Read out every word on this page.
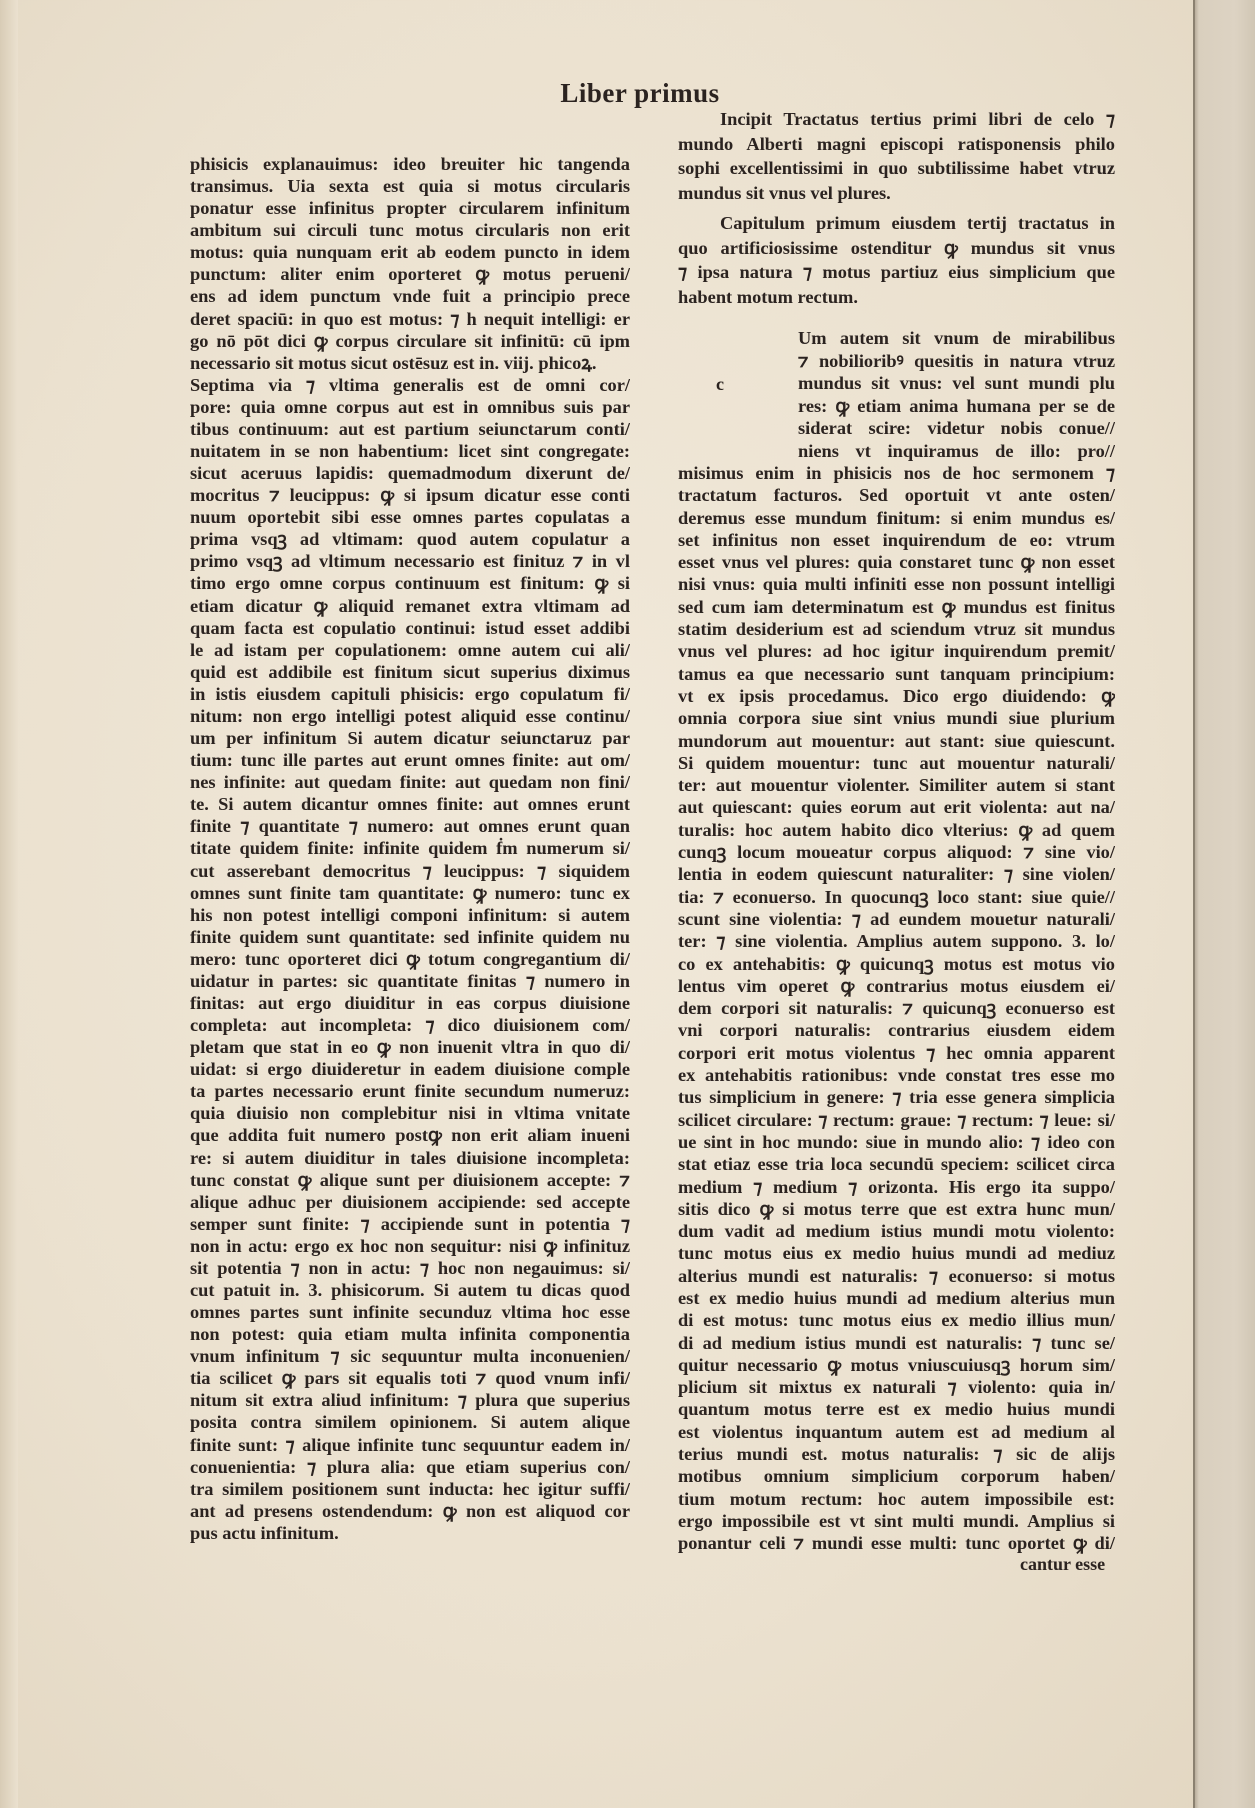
Liber primus
phisicis explanauimus: ideo breuiter hic tangenda
transimus. Uia sexta est quia si motus circularis
ponatur esse infinitus propter circularem infinitum
ambitum sui circuli tunc motus circularis non erit
motus: quia nunquam erit ab eodem puncto in idem
punctum: aliter enim oporteret ꝙ motus perueni/
ens ad idem punctum vnde fuit a principio prece
deret spaciū: in quo est motus: ⁊ h nequit intelligi: er
go nō pōt dici ꝙ corpus circulare sit infinitū: cū ipm
necessario sit motus sicut ostēsuz est in. viij. phicoꝝ.
Septima via ⁊ vltima generalis est de omni cor/
pore: quia omne corpus aut est in omnibus suis par
tibus continuum: aut est partium seiunctarum conti/
nuitatem in se non habentium: licet sint congregate:
sicut aceruus lapidis: quemadmodum dixerunt de/
mocritus ⁊ leucippus: ꝙ si ipsum dicatur esse conti
nuum oportebit sibi esse omnes partes copulatas a
prima vsqꝫ ad vltimam: quod autem copulatur a
primo vsqꝫ ad vltimum necessario est finituz ⁊ in vl
timo ergo omne corpus continuum est finitum: ꝙ si
etiam dicatur ꝙ aliquid remanet extra vltimam ad
quam facta est copulatio continui: istud esset addibi
le ad istam per copulationem: omne autem cui ali/
quid est addibile est finitum sicut superius diximus
in istis eiusdem capituli phisicis: ergo copulatum fi/
nitum: non ergo intelligi potest aliquid esse continu/
um per infinitum Si autem dicatur seiunctaruz par
tium: tunc ille partes aut erunt omnes finite: aut om/
nes infinite: aut quedam finite: aut quedam non fini/
te. Si autem dicantur omnes finite: aut omnes erunt
finite ⁊ quantitate ⁊ numero: aut omnes erunt quan
titate quidem finite: infinite quidem ḟm numerum si/
cut asserebant democritus ⁊ leucippus: ⁊ siquidem
omnes sunt finite tam quantitate: ꝙ numero: tunc ex
his non potest intelligi componi infinitum: si autem
finite quidem sunt quantitate: sed infinite quidem nu
mero: tunc oporteret dici ꝙ totum congregantium di/
uidatur in partes: sic quantitate finitas ⁊ numero in
finitas: aut ergo diuiditur in eas corpus diuisione
completa: aut incompleta: ⁊ dico diuisionem com/
pletam que stat in eo ꝙ non inuenit vltra in quo di/
uidat: si ergo diuideretur in eadem diuisione comple
ta partes necessario erunt finite secundum numeruz:
quia diuisio non complebitur nisi in vltima vnitate
que addita fuit numero postꝙ non erit aliam inueni
re: si autem diuiditur in tales diuisione incompleta:
tunc constat ꝙ alique sunt per diuisionem accepte: ⁊
alique adhuc per diuisionem accipiende: sed accepte
semper sunt finite: ⁊ accipiende sunt in potentia ⁊
non in actu: ergo ex hoc non sequitur: nisi ꝙ infinituz
sit potentia ⁊ non in actu: ⁊ hoc non negauimus: si/
cut patuit in. 3. phisicorum. Si autem tu dicas quod
omnes partes sunt infinite secunduz vltima hoc esse
non potest: quia etiam multa infinita componentia
vnum infinitum ⁊ sic sequuntur multa inconuenien/
tia scilicet ꝙ pars sit equalis toti ⁊ quod vnum infi/
nitum sit extra aliud infinitum: ⁊ plura que superius
posita contra similem opinionem. Si autem alique
finite sunt: ⁊ alique infinite tunc sequuntur eadem in/
conuenientia: ⁊ plura alia: que etiam superius con/
tra similem positionem sunt inducta: hec igitur suffi/
ant ad presens ostendendum: ꝙ non est aliquod cor
pus actu infinitum.
Incipit Tractatus tertius primi libri de celo ⁊
mundo Alberti magni episcopi ratisponensis philo
sophi excellentissimi in quo subtilissime habet vtruz
mundus sit vnus vel plures.
Capitulum primum eiusdem tertij tractatus in
quo artificiosissime ostenditur ꝙ mundus sit vnus
⁊ ipsa natura ⁊ motus partiuz eius simplicium que
habent motum rectum.
c
Um autem sit vnum de mirabilibus
⁊ nobilioribꝰ quesitis in natura vtruz
mundus sit vnus: vel sunt mundi plu
res: ꝙ etiam anima humana per se de
siderat scire: videtur nobis conue//
niens vt inquiramus de illo: pro//
misimus enim in phisicis nos de hoc sermonem ⁊
tractatum facturos. Sed oportuit vt ante osten/
deremus esse mundum finitum: si enim mundus es/
set infinitus non esset inquirendum de eo: vtrum
esset vnus vel plures: quia constaret tunc ꝙ non esset
nisi vnus: quia multi infiniti esse non possunt intelligi
sed cum iam determinatum est ꝙ mundus est finitus
statim desiderium est ad sciendum vtruz sit mundus
vnus vel plures: ad hoc igitur inquirendum premit/
tamus ea que necessario sunt tanquam principium:
vt ex ipsis procedamus. Dico ergo diuidendo: ꝙ
omnia corpora siue sint vnius mundi siue plurium
mundorum aut mouentur: aut stant: siue quiescunt.
Si quidem mouentur: tunc aut mouentur naturali/
ter: aut mouentur violenter. Similiter autem si stant
aut quiescant: quies eorum aut erit violenta: aut na/
turalis: hoc autem habito dico vlterius: ꝙ ad quem
cunqꝫ locum moueatur corpus aliquod: ⁊ sine vio/
lentia in eodem quiescunt naturaliter: ⁊ sine violen/
tia: ⁊ econuerso. In quocunqꝫ loco stant: siue quie//
scunt sine violentia: ⁊ ad eundem mouetur naturali/
ter: ⁊ sine violentia. Amplius autem suppono. 3. lo/
co ex antehabitis: ꝙ quicunqꝫ motus est motus vio
lentus vim operet ꝙ contrarius motus eiusdem ei/
dem corpori sit naturalis: ⁊ quicunqꝫ econuerso est
vni corpori naturalis: contrarius eiusdem eidem
corpori erit motus violentus ⁊ hec omnia apparent
ex antehabitis rationibus: vnde constat tres esse mo
tus simplicium in genere: ⁊ tria esse genera simplicia
scilicet circulare: ⁊ rectum: graue: ⁊ rectum: ⁊ leue: si/
ue sint in hoc mundo: siue in mundo alio: ⁊ ideo con
stat etiaz esse tria loca secundū speciem: scilicet circa
medium ⁊ medium ⁊ orizonta. His ergo ita suppo/
sitis dico ꝙ si motus terre que est extra hunc mun/
dum vadit ad medium istius mundi motu violento:
tunc motus eius ex medio huius mundi ad mediuz
alterius mundi est naturalis: ⁊ econuerso: si motus
est ex medio huius mundi ad medium alterius mun
di est motus: tunc motus eius ex medio illius mun/
di ad medium istius mundi est naturalis: ⁊ tunc se/
quitur necessario ꝙ motus vniuscuiusqꝫ horum sim/
plicium sit mixtus ex naturali ⁊ violento: quia in/
quantum motus terre est ex medio huius mundi
est violentus inquantum autem est ad medium al
terius mundi est. motus naturalis: ⁊ sic de alijs
motibus omnium simplicium corporum haben/
tium motum rectum: hoc autem impossibile est:
ergo impossibile est vt sint multi mundi. Amplius si
ponantur celi ⁊ mundi esse multi: tunc oportet ꝙ di/
cantur esse
